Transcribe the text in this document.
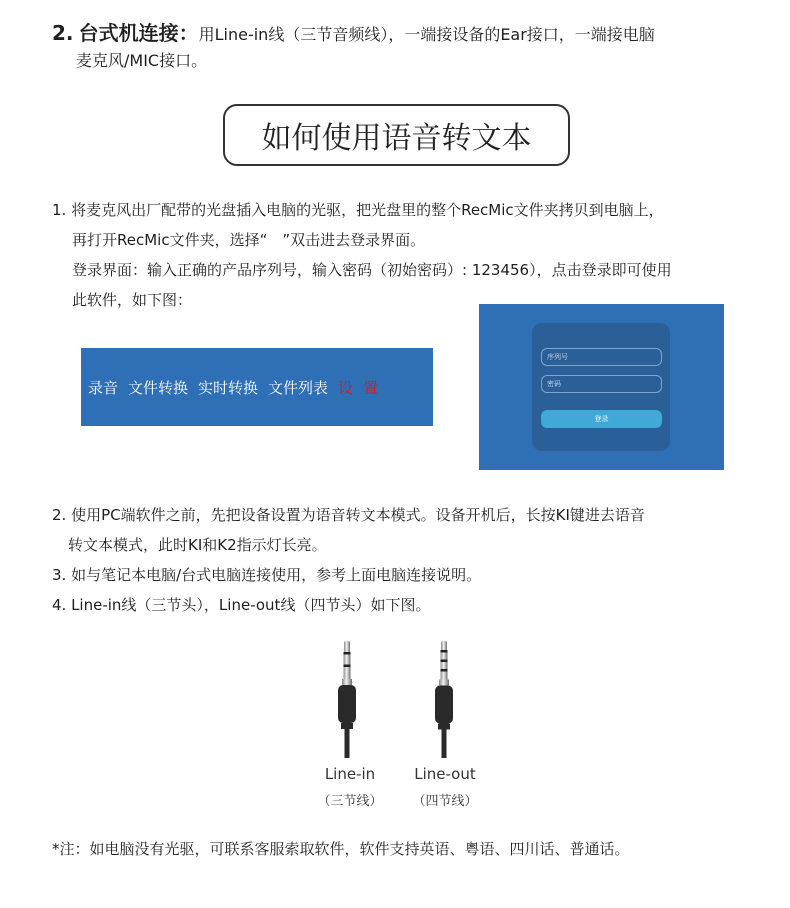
2. 台式机连接：用Line-in线（三节音频线），一端接设备的Ear接口，一端接电脑
麦克风/MIC接口。
如何使用语音转文本

1. 将麦克风出厂配带的光盘插入电脑的光驱，把光盘里的整个RecMic文件夹拷贝到电脑上，

再打开RecMic文件夹，选择“　”双击进去登录界面。

登录界面：输入正确的产品序列号，输入密码（初始密码）: 123456），点击登录即可使用

此软件，如下图：

录音 文件转换 实时转换 文件列表 设置
序列号
密码
登录

2. 使用PC端软件之前，先把设备设置为语音转文本模式。设备开机后，长按KI键进去语音

转文本模式，此时KI和K2指示灯长亮。

3. 如与笔记本电脑/台式电脑连接使用，参考上面电脑连接说明。

4. Line-in线（三节头），Line-out线（四节头）如下图。

Line-in
（三节线）
Line-out
（四节线）
*注：如电脑没有光驱，可联系客服索取软件，软件支持英语、粤语、四川话、普通话。
